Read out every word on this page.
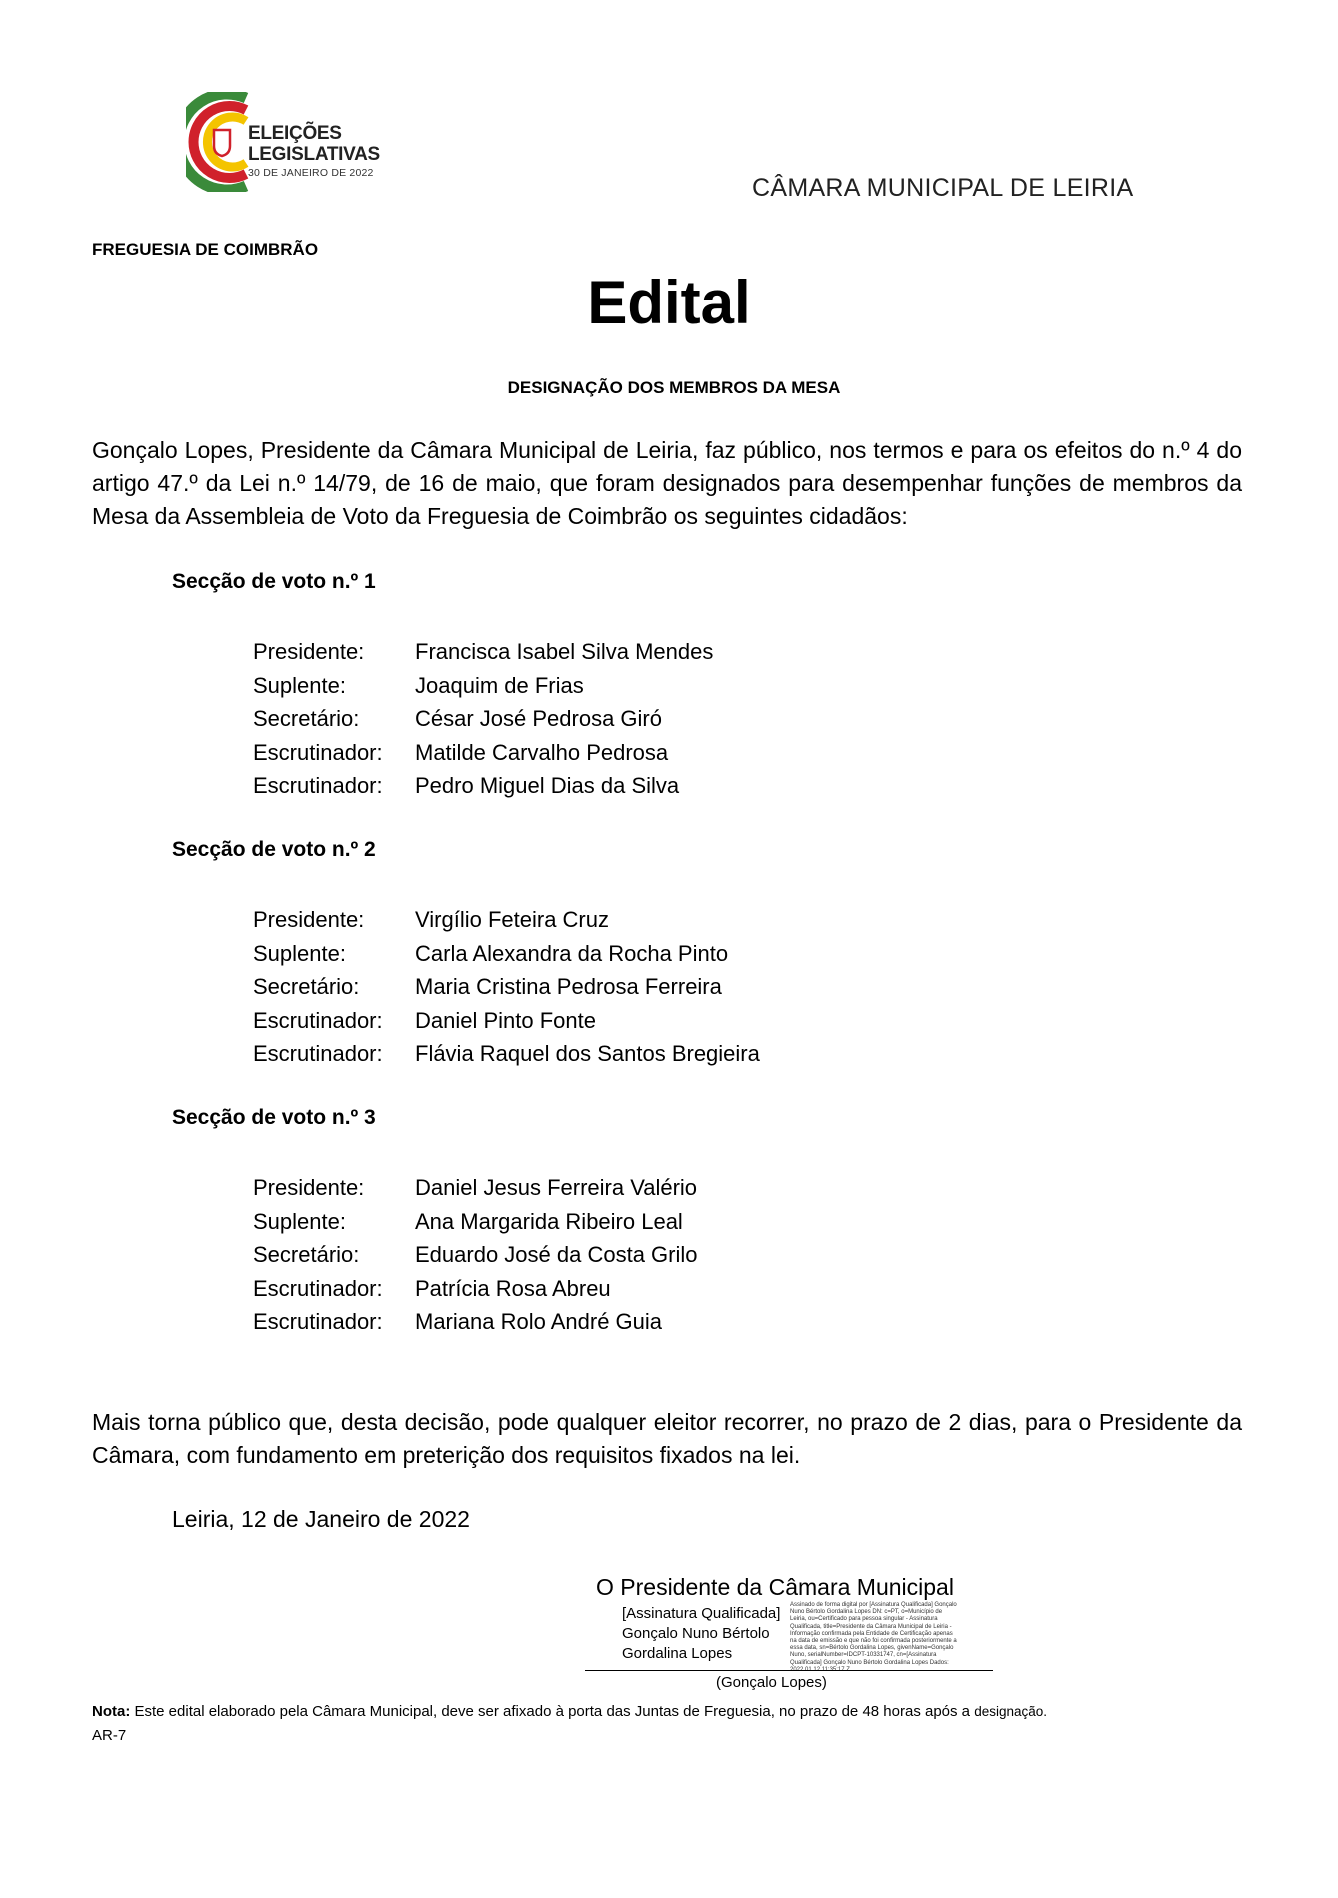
ELEIÇÕES
LEGISLATIVAS
30 DE JANEIRO DE 2022
CÂMARA MUNICIPAL DE LEIRIA
FREGUESIA DE COIMBRÃO
Edital
DESIGNAÇÃO DOS MEMBROS DA MESA
Gonçalo Lopes, Presidente da Câmara Municipal de Leiria, faz público, nos termos e para os efeitos do n.º 4 do artigo 47.º da Lei n.º 14/79, de 16 de maio, que foram designados para desempenhar funções de membros da Mesa da Assembleia de Voto da Freguesia de Coimbrão os seguintes cidadãos:
Secção de voto n.º 1
Presidente: Francisca Isabel Silva Mendes
Suplente:	Joaquim de Frias
Secretário:	César José Pedrosa Giró
Escrutinador: Matilde Carvalho Pedrosa
Escrutinador: Pedro Miguel Dias da Silva
Secção de voto n.º 2
Presidente: Virgílio Feteira Cruz
Suplente:	Carla Alexandra da Rocha Pinto
Secretário:	Maria Cristina Pedrosa Ferreira
Escrutinador: Daniel Pinto Fonte
Escrutinador: Flávia Raquel dos Santos Bregieira
Secção de voto n.º 3
Presidente: Daniel Jesus Ferreira Valério
Suplente:	Ana Margarida Ribeiro Leal
Secretário:	Eduardo José da Costa Grilo
Escrutinador: Patrícia Rosa Abreu
Escrutinador: Mariana Rolo André Guia
Mais torna público que, desta decisão, pode qualquer eleitor recorrer, no prazo de 2 dias, para o Presidente da Câmara, com fundamento em preterição dos requisitos fixados na lei.
Leiria, 12 de Janeiro de 2022
O Presidente da Câmara Municipal
[Assinatura Qualificada]
Gonçalo Nuno Bértolo
Gordalina Lopes
Assinado de forma digital por [Assinatura Qualificada] Gonçalo Nuno Bértolo Gordalina Lopes DN: c=PT, o=Município de Leiria, ou=Certificado para pessoa singular - Assinatura Qualificada, title=Presidente da Câmara Municipal de Leiria - Informação confirmada pela Entidade de Certificação apenas na data de emissão e que não foi confirmada posteriormente a essa data, sn=Bértolo Gordalina Lopes, givenName=Gonçalo Nuno, serialNumber=IDCPT-10331747, cn=[Assinatura Qualificada] Gonçalo Nuno Bértolo Gordalina Lopes Dados: 2022.01.12 11:35:17 Z
(Gonçalo Lopes)
Nota: Este edital elaborado pela Câmara Municipal, deve ser afixado à porta das Juntas de Freguesia, no prazo de 48 horas após a designação.
AR-7
